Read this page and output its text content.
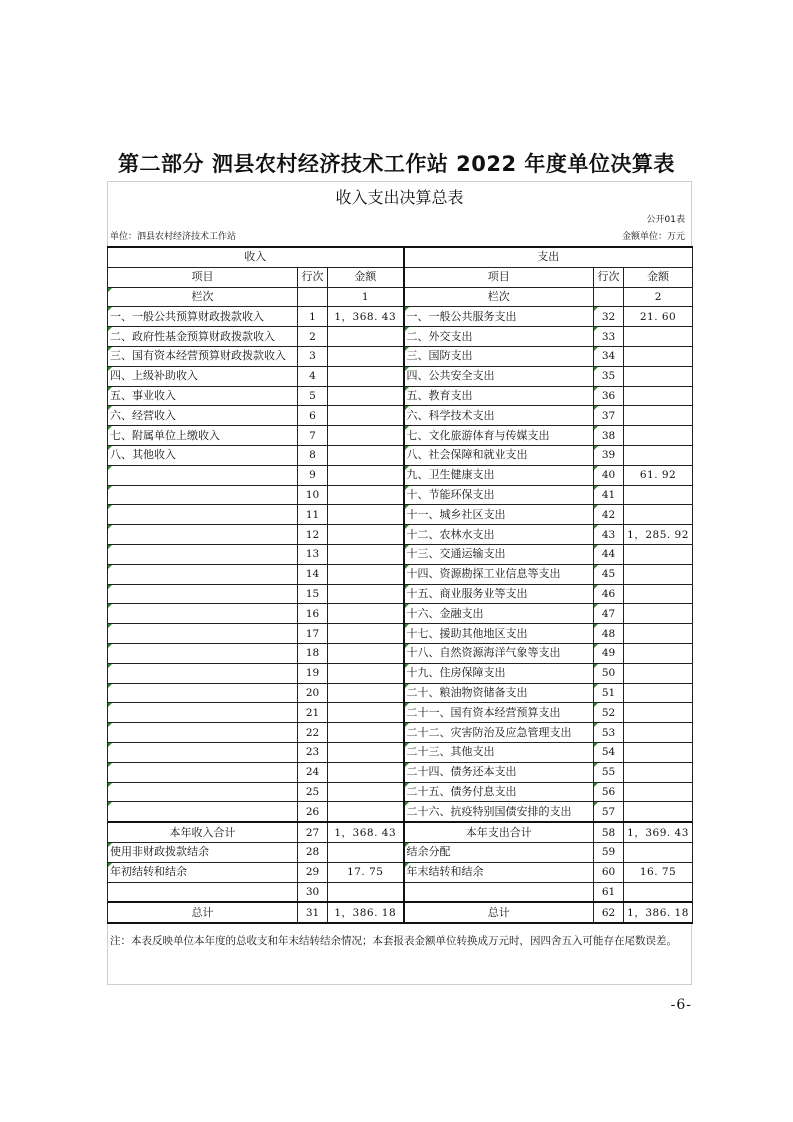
第二部分 泗县农村经济技术工作站 2022 年度单位决算表
收入支出决算总表
公开01表
单位：泗县农村经济技术工作站	金额单位：万元
收入			支出		
项目	行次	金额	项目	行次	金额
栏次		1	栏次		2
一、一般公共预算财政拨款收入	1	1，368. 43	一、一般公共服务支出	32	21. 60
二、政府性基金预算财政拨款收入	2		二、外交支出	33	
三、国有资本经营预算财政拨款收入	3		三、国防支出	34	
四、上级补助收入	4		四、公共安全支出	35	
五、事业收入	5		五、教育支出	36	
六、经营收入	6		六、科学技术支出	37	
七、附属单位上缴收入	7		七、文化旅游体育与传媒支出	38	
八、其他收入	8		八、社会保障和就业支出	39	
	9		九、卫生健康支出	40	61. 92
	10		十、节能环保支出	41	
	11		十一、城乡社区支出	42	
	12		十二、农林水支出	43	1，285. 92
	13		十三、交通运输支出	44	
	14		十四、资源勘探工业信息等支出	45	
	15		十五、商业服务业等支出	46	
	16		十六、金融支出	47	
	17		十七、援助其他地区支出	48	
	18		十八、自然资源海洋气象等支出	49	
	19		十九、住房保障支出	50	
	20		二十、粮油物资储备支出	51	
	21		二十一、国有资本经营预算支出	52	
	22		二十二、灾害防治及应急管理支出	53	
	23		二十三、其他支出	54	
	24		二十四、债务还本支出	55	
	25		二十五、债务付息支出	56	
	26		二十六、抗疫特别国债安排的支出	57	
本年收入合计	27	1，368. 43	本年支出合计	58	1，369. 43
使用非财政拨款结余	28		结余分配	59	
年初结转和结余	29	17. 75	年末结转和结余	60	16. 75
	30			61	
总计	31	1，386. 18	总计	62	1，386. 18
注：本表反映单位本年度的总收支和年末结转结余情况；本套报表金额单位转换成万元时，因四舍五入可能存在尾数误差。
-6-
